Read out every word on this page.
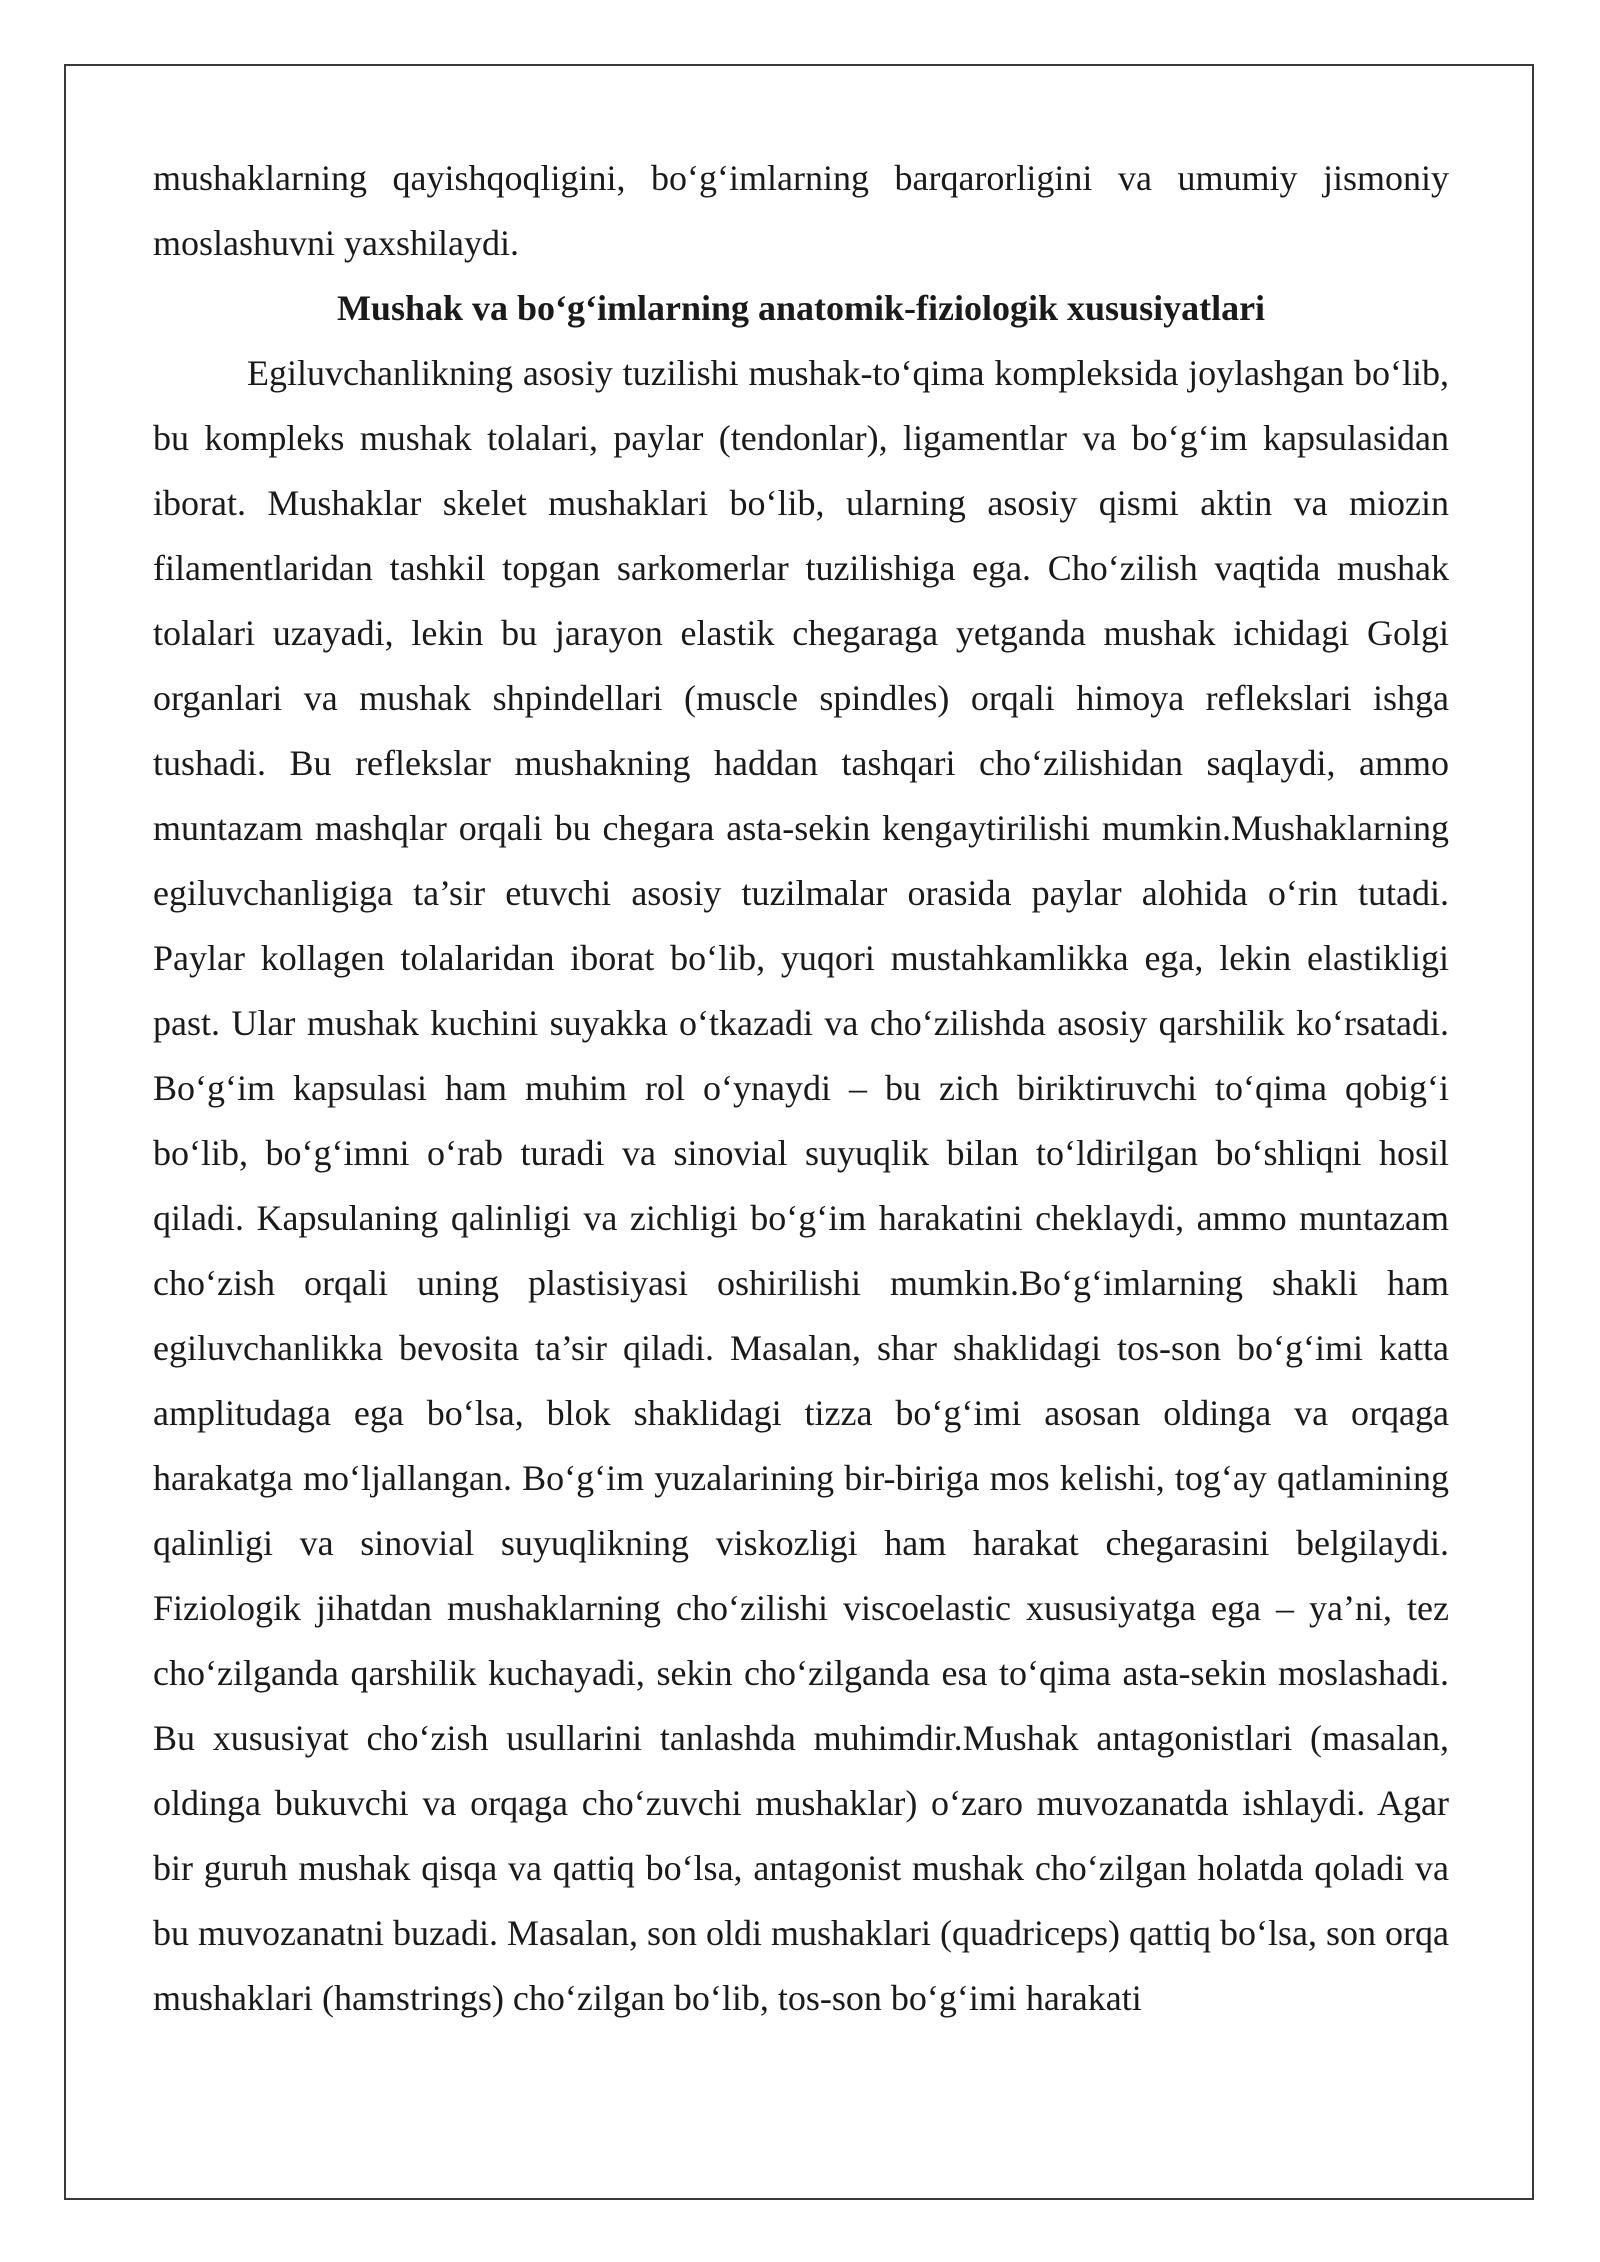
mushaklarning qayishqoqligini, bo‘g‘imlarning barqarorligini va umumiy jismoniy moslashuvni yaxshilaydi.

Mushak va bo‘g‘imlarning anatomik-fiziologik xususiyatlari

Egiluvchanlikning asosiy tuzilishi mushak-to‘qima kompleksida joylashgan bo‘lib, bu kompleks mushak tolalari, paylar (tendonlar), ligamentlar va bo‘g‘im kapsulasidan iborat. Mushaklar skelet mushaklari bo‘lib, ularning asosiy qismi aktin va miozin filamentlaridan tashkil topgan sarkomerlar tuzilishiga ega. Cho‘zilish vaqtida mushak tolalari uzayadi, lekin bu jarayon elastik chegaraga yetganda mushak ichidagi Golgi organlari va mushak shpindellari (muscle spindles) orqali himoya reflekslari ishga tushadi. Bu reflekslar mushakning haddan tashqari cho‘zilishidan saqlaydi, ammo muntazam mashqlar orqali bu chegara asta-sekin kengaytirilishi mumkin.Mushaklarning egiluvchanligiga ta’sir etuvchi asosiy tuzilmalar orasida paylar alohida o‘rin tutadi. Paylar kollagen tolalaridan iborat bo‘lib, yuqori mustahkamlikka ega, lekin elastikligi past. Ular mushak kuchini suyakka o‘tkazadi va cho‘zilishda asosiy qarshilik ko‘rsatadi. Bo‘g‘im kapsulasi ham muhim rol o‘ynaydi – bu zich biriktiruvchi to‘qima qobig‘i bo‘lib, bo‘g‘imni o‘rab turadi va sinovial suyuqlik bilan to‘ldirilgan bo‘shliqni hosil qiladi. Kapsulaning qalinligi va zichligi bo‘g‘im harakatini cheklaydi, ammo muntazam cho‘zish orqali uning plastisiyasi oshirilishi mumkin.Bo‘g‘imlarning shakli ham egiluvchanlikka bevosita ta’sir qiladi. Masalan, shar shaklidagi tos-son bo‘g‘imi katta amplitudaga ega bo‘lsa, blok shaklidagi tizza bo‘g‘imi asosan oldinga va orqaga harakatga mo‘ljallangan. Bo‘g‘im yuzalarining bir-biriga mos kelishi, tog‘ay qatlamining qalinligi va sinovial suyuqlikning viskozligi ham harakat chegarasini belgilaydi. Fiziologik jihatdan mushaklarning cho‘zilishi viscoelastic xususiyatga ega – ya’ni, tez cho‘zilganda qarshilik kuchayadi, sekin cho‘zilganda esa to‘qima asta-sekin moslashadi. Bu xususiyat cho‘zish usullarini tanlashda muhimdir.Mushak antagonistlari (masalan, oldinga bukuvchi va orqaga cho‘zuvchi mushaklar) o‘zaro muvozanatda ishlaydi. Agar bir guruh mushak qisqa va qattiq bo‘lsa, antagonist mushak cho‘zilgan holatda qoladi va bu muvozanatni buzadi. Masalan, son oldi mushaklari (quadriceps) qattiq bo‘lsa, son orqa mushaklari (hamstrings) cho‘zilgan bo‘lib, tos-son bo‘g‘imi harakati
